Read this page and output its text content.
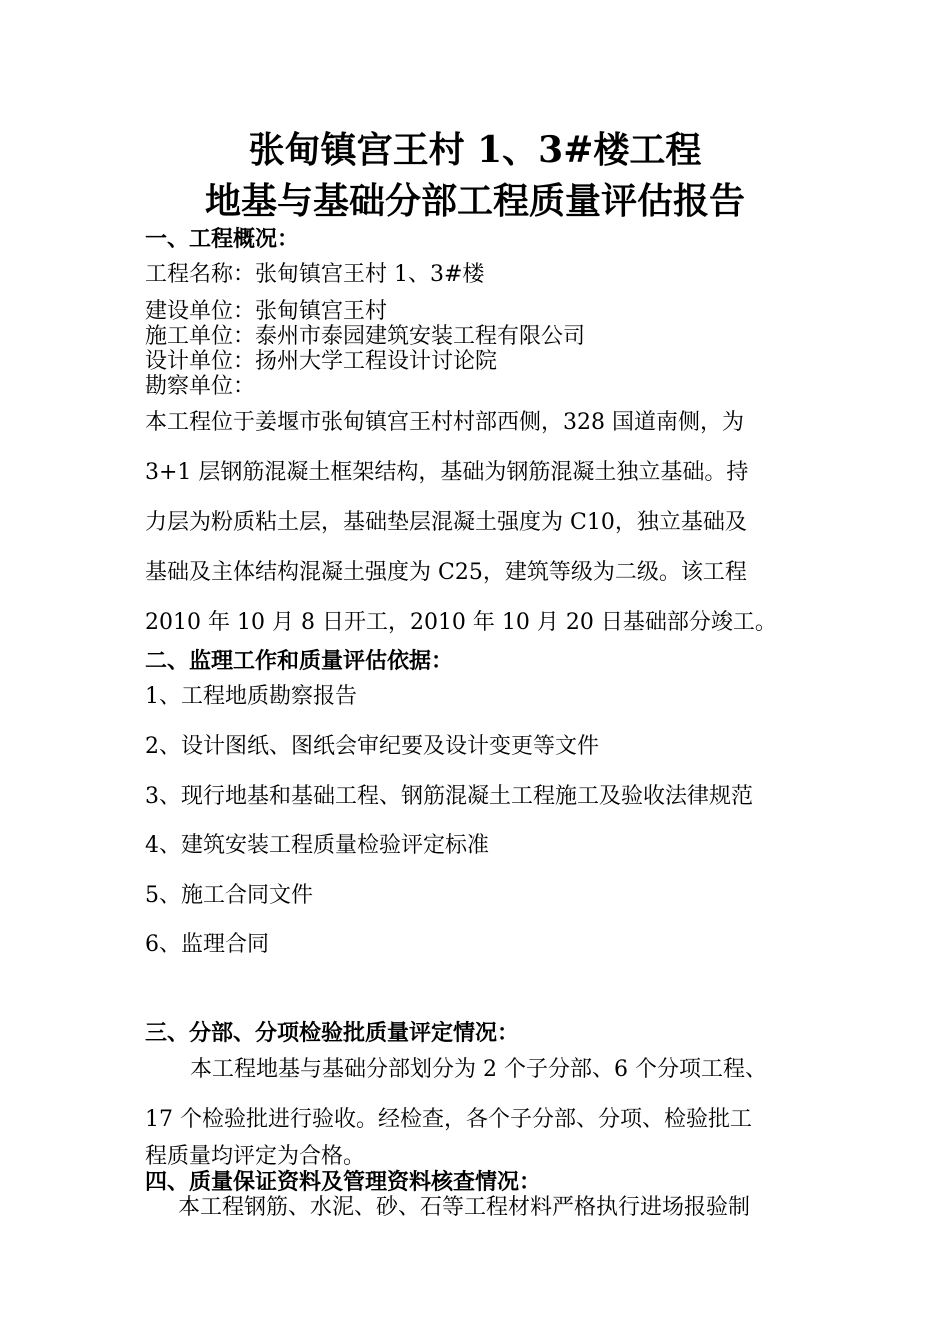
张甸镇宫王村 1、3#楼工程
地基与基础分部工程质量评估报告
一、工程概况：
工程名称：张甸镇宫王村 1、3#楼
建设单位：张甸镇宫王村
施工单位：泰州市泰园建筑安装工程有限公司
设计单位：扬州大学工程设计讨论院
勘察单位：
本工程位于姜堰市张甸镇宫王村村部西侧，328 国道南侧，为
3+1 层钢筋混凝土框架结构，基础为钢筋混凝土独立基础。持
力层为粉质粘土层，基础垫层混凝土强度为 C10，独立基础及
基础及主体结构混凝土强度为 C25，建筑等级为二级。该工程
2010 年 10 月 8 日开工，2010 年 10 月 20 日基础部分竣工。
二、监理工作和质量评估依据：
1、工程地质勘察报告
2、设计图纸、图纸会审纪要及设计变更等文件
3、现行地基和基础工程、钢筋混凝土工程施工及验收法律规范
4、建筑安装工程质量检验评定标准
5、施工合同文件
6、监理合同
三、分部、分项检验批质量评定情况：
本工程地基与基础分部划分为 2 个子分部、6 个分项工程、
17 个检验批进行验收。经检查，各个子分部、分项、检验批工
程质量均评定为合格。
四、质量保证资料及管理资料核查情况：
本工程钢筋、水泥、砂、石等工程材料严格执行进场报验制
